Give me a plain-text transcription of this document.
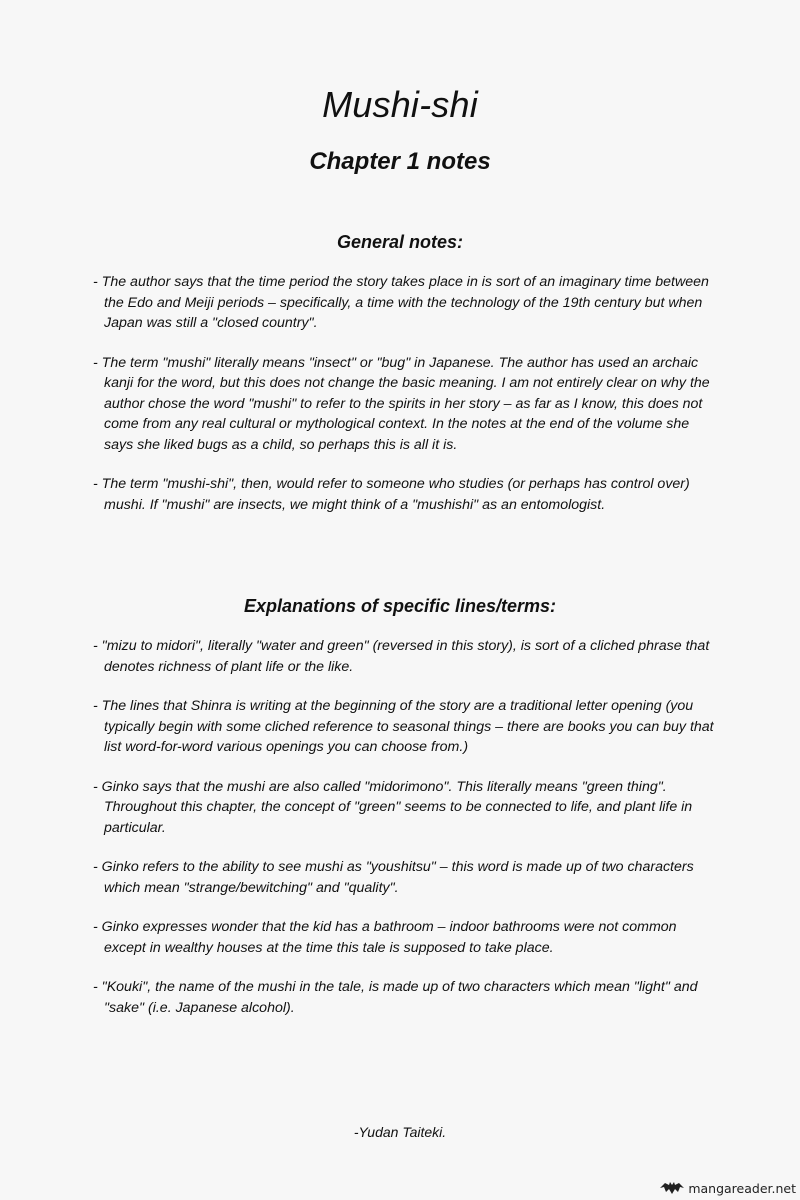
Mushi-shi
Chapter 1 notes
General notes:
- The author says that the time period the story takes place in is sort of an imaginary time between the Edo and Meiji periods – specifically, a time with the technology of the 19th century but when Japan was still a "closed country".
- The term "mushi" literally means "insect" or "bug" in Japanese. The author has used an archaic kanji for the word, but this does not change the basic meaning. I am not entirely clear on why the author chose the word "mushi" to refer to the spirits in her story – as far as I know, this does not come from any real cultural or mythological context. In the notes at the end of the volume she says she liked bugs as a child, so perhaps this is all it is.
- The term "mushi-shi", then, would refer to someone who studies (or perhaps has control over) mushi. If "mushi" are insects, we might think of a "mushishi" as an entomologist.
Explanations of specific lines/terms:
- "mizu to midori", literally "water and green" (reversed in this story), is sort of a cliched phrase that denotes richness of plant life or the like.
- The lines that Shinra is writing at the beginning of the story are a traditional letter opening (you typically begin with some cliched reference to seasonal things – there are books you can buy that list word-for-word various openings you can choose from.)
- Ginko says that the mushi are also called "midorimono". This literally means "green thing". Throughout this chapter, the concept of "green" seems to be connected to life, and plant life in particular.
- Ginko refers to the ability to see mushi as "youshitsu" – this word is made up of two characters which mean "strange/bewitching" and "quality".
- Ginko expresses wonder that the kid has a bathroom – indoor bathrooms were not common except in wealthy houses at the time this tale is supposed to take place.
- "Kouki", the name of the mushi in the tale, is made up of two characters which mean "light" and "sake" (i.e. Japanese alcohol).

-Yudan Taiteki.

mangareader.net
